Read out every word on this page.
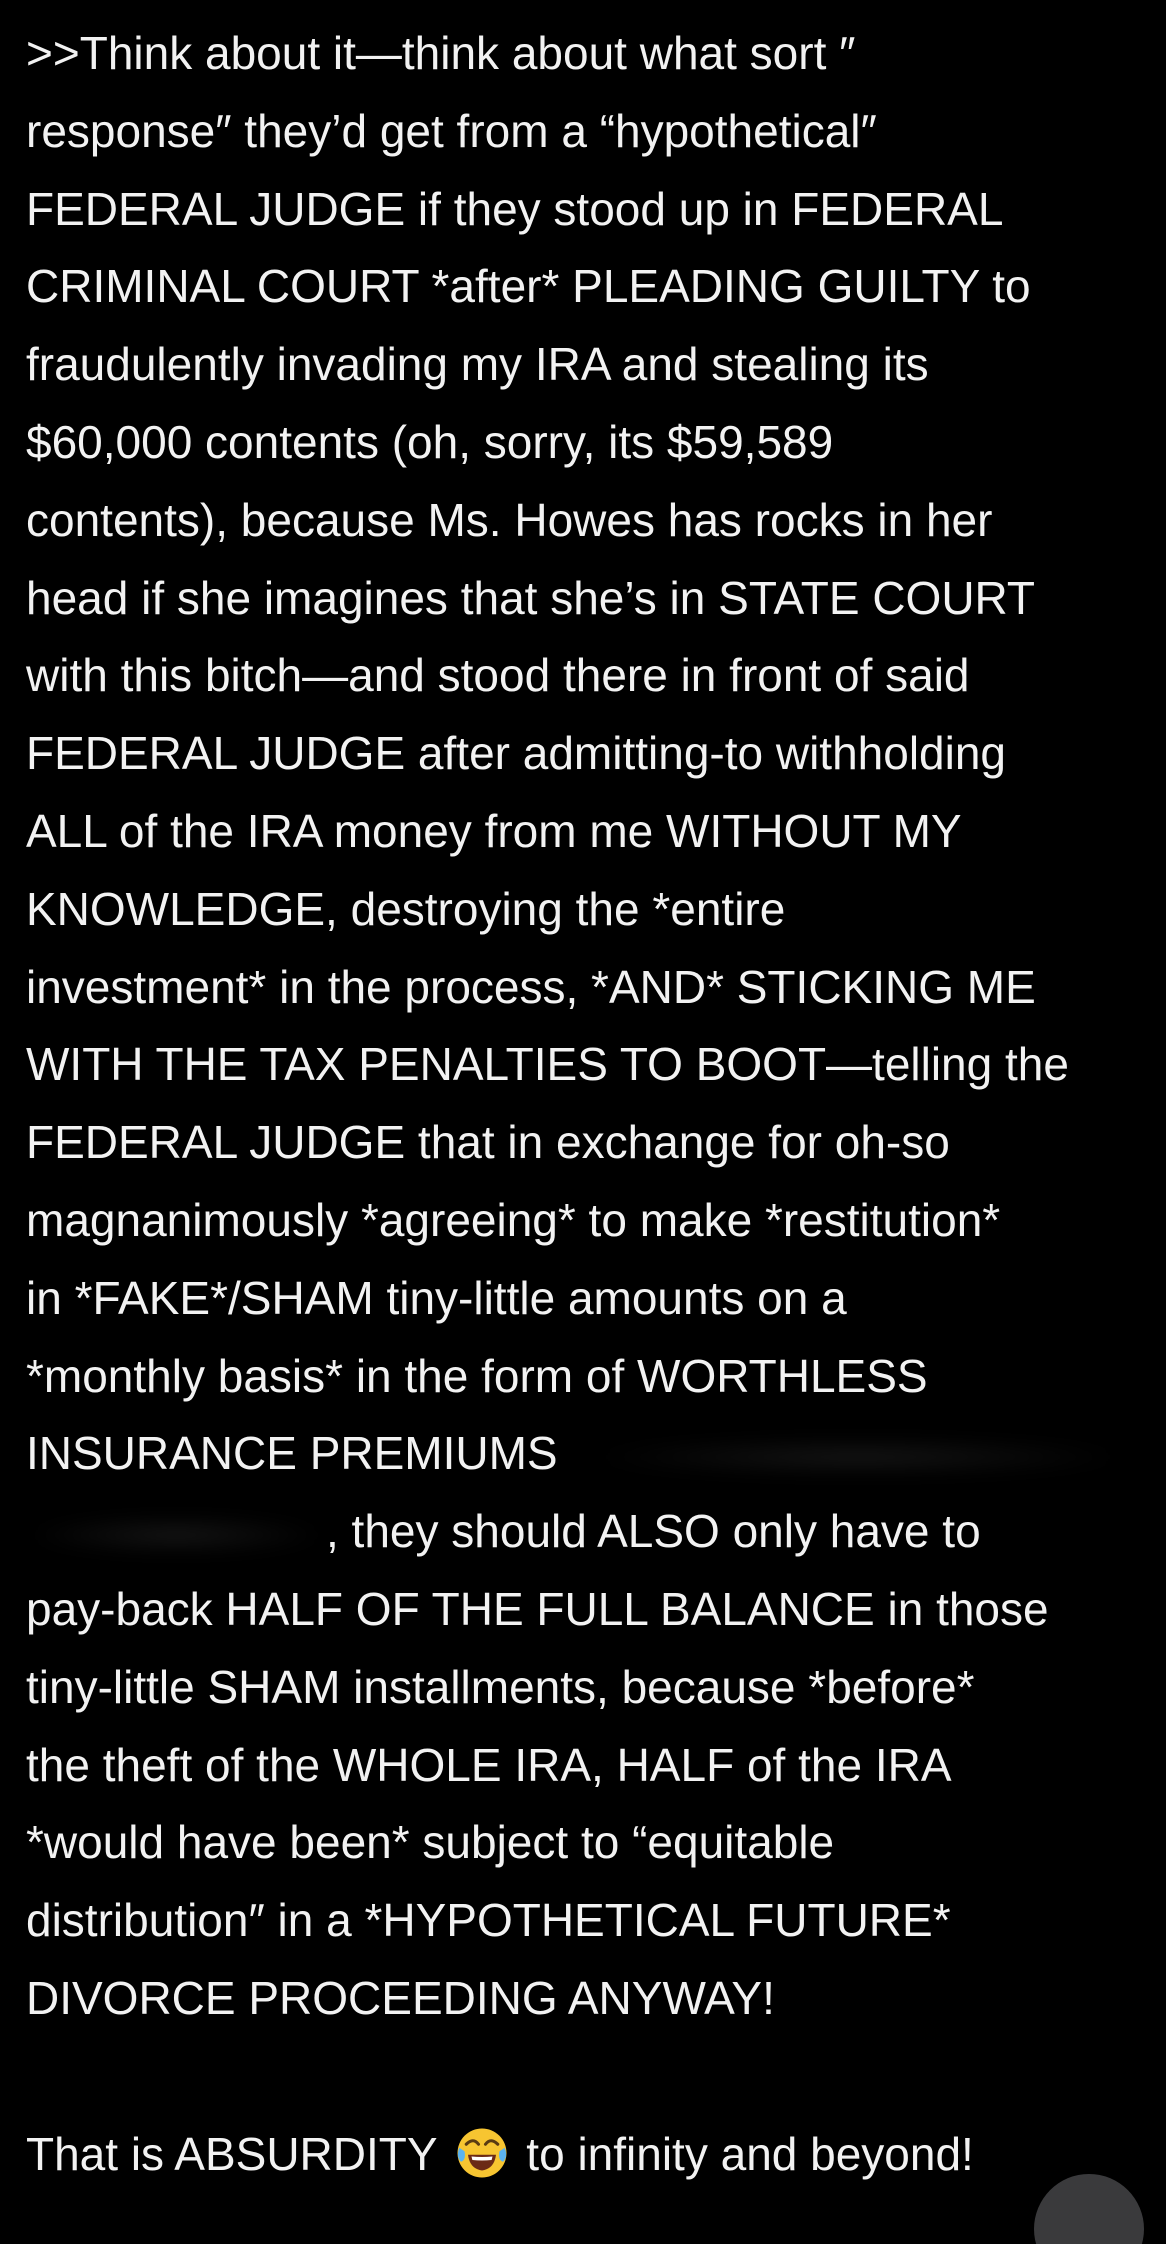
>>Think about it—think about what sort ″
response″ they’d get from a “hypothetical″
FEDERAL JUDGE if they stood up in FEDERAL
CRIMINAL COURT *after* PLEADING GUILTY to
fraudulently invading my IRA and stealing its
$60,000 contents (oh, sorry, its $59,589
contents), because Ms. Howes has rocks in her
head if she imagines that she’s in STATE COURT
with this bitch—and stood there in front of said
FEDERAL JUDGE after admitting-to withholding
ALL of the IRA money from me WITHOUT MY
KNOWLEDGE, destroying the *entire
investment* in the process, *AND* STICKING ME
WITH THE TAX PENALTIES TO BOOT—telling the
FEDERAL JUDGE that in exchange for oh-so
magnanimously *agreeing* to make *restitution*
in *FAKE*/SHAM tiny-little amounts on a
*monthly basis* in the form of WORTHLESS
INSURANCE PREMIUMS
, they should ALSO only have to
pay-back HALF OF THE FULL BALANCE in those
tiny-little SHAM installments, because *before*
the theft of the WHOLE IRA, HALF of the IRA
*would have been* subject to “equitable
distribution″ in a *HYPOTHETICAL FUTURE*
DIVORCE PROCEEDING ANYWAY!
That is ABSURDITY to infinity and beyond!
